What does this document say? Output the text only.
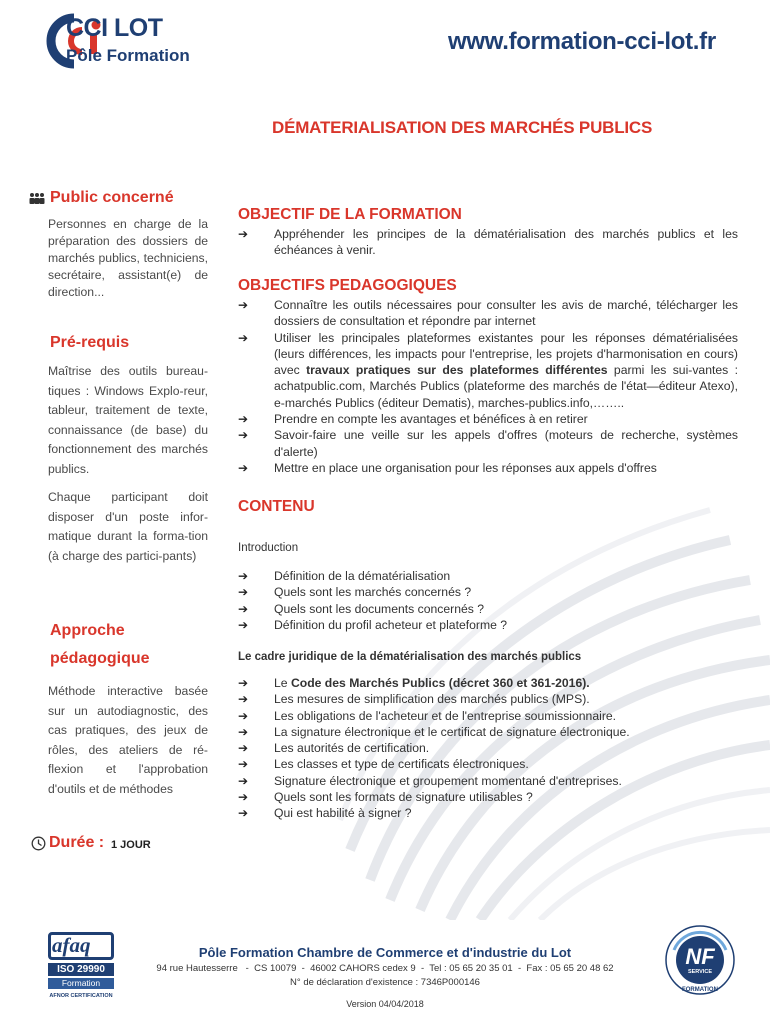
CCI LOT
Pôle Formation
www.formation-cci-lot.fr
DÉMATERIALISATION DES MARCHÉS PUBLICS
Public concerné
Personnes en charge de la préparation des dossiers de marchés publics, techniciens, secrétaire, assistant(e) de direction...
Pré-requis
Maîtrise des outils bureau-tiques : Windows Explo-reur, tableur, traitement de texte, connaissance (de base) du fonctionnement des marchés publics.
Chaque participant doit disposer d'un poste infor-matique durant la forma-tion (à charge des partici-pants)
Approche
pédagogique
Méthode interactive basée sur un autodiagnostic, des cas pratiques, des jeux de rôles, des ateliers de ré-flexion et l'approbation d'outils et de méthodes
Durée : 1 JOUR
OBJECTIF DE LA FORMATION
➔ Appréhender les principes de la dématérialisation des marchés publics et les échéances à venir.
OBJECTIFS PEDAGOGIQUES
➔ Connaître les outils nécessaires pour consulter les avis de marché, télécharger les dossiers de consultation et répondre par internet
➔ Utiliser les principales plateformes existantes pour les réponses dématérialisées (leurs différences, les impacts pour l'entreprise, les projets d'harmonisation en cours) avec travaux pratiques sur des plateformes différentes parmi les sui-vantes : achatpublic.com, Marchés Publics (plateforme des marchés de l'état—éditeur Atexo), e-marchés Publics (éditeur Dematis), marches-publics.info,……..
➔ Prendre en compte les avantages et bénéfices à en retirer
➔ Savoir-faire une veille sur les appels d'offres (moteurs de recherche, systèmes d'alerte)
➔ Mettre en place une organisation pour les réponses aux appels d'offres
CONTENU
Introduction
➔ Définition de la dématérialisation
➔ Quels sont les marchés concernés ?
➔ Quels sont les documents concernés ?
➔ Définition du profil acheteur et plateforme ?
Le cadre juridique de la dématérialisation des marchés publics
➔ Le Code des Marchés Publics (décret 360 et 361-2016).
➔ Les mesures de simplification des marchés publics (MPS).
➔ Les obligations de l'acheteur et de l'entreprise soumissionnaire.
➔ La signature électronique et le certificat de signature électronique.
➔ Les autorités de certification.
➔ Les classes et type de certificats électroniques.
➔ Signature électronique et groupement momentané d'entreprises.
➔ Quels sont les formats de signature utilisables ?
➔ Qui est habilité à signer ?
afaq
ISO 29990
Formation
AFNOR CERTIFICATION
Pôle Formation Chambre de Commerce et d'industrie du Lot
94 rue Hautesserre   -  CS 10079  -  46002 CAHORS cedex 9  -  Tel : 05 65 20 35 01  -  Fax : 05 65 20 48 62
N° de déclaration d'existence : 7346P000146
Version 04/04/2018
NF
SERVICE
FORMATION
